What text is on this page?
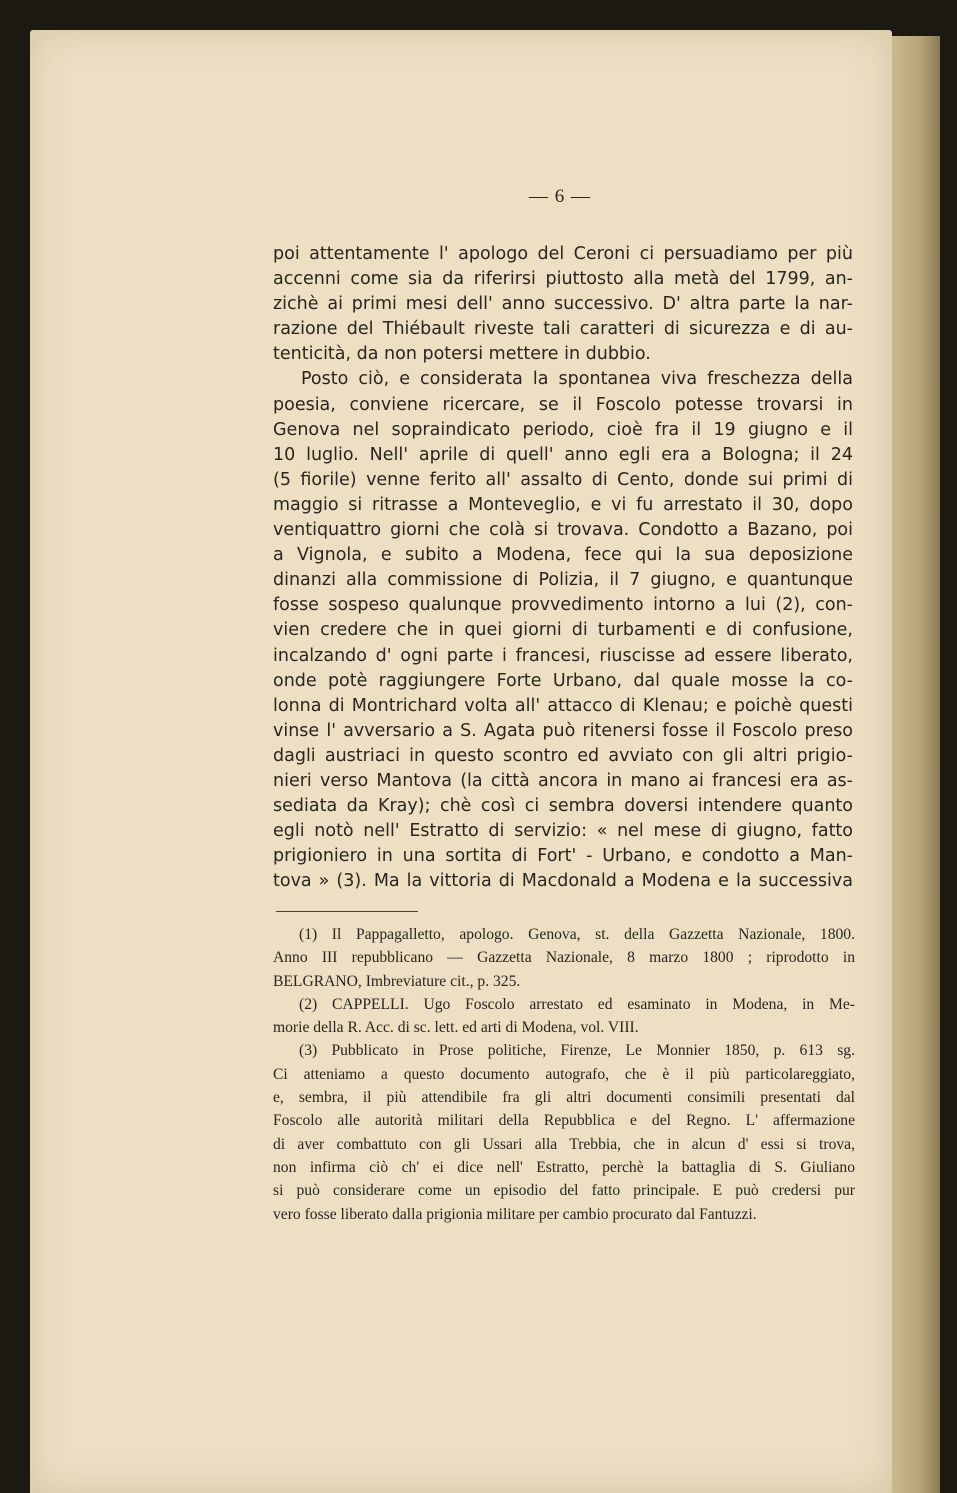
— 6 —
poi attentamente l' apologo del Ceroni ci persuadiamo per più
accenni come sia da riferirsi piuttosto alla metà del 1799, an-
zichè ai primi mesi dell' anno successivo. D' altra parte la nar-
razione del Thiébault riveste tali caratteri di sicurezza e di au-
tenticità, da non potersi mettere in dubbio.
Posto ciò, e considerata la spontanea viva freschezza della
poesia, conviene ricercare, se il Foscolo potesse trovarsi in
Genova nel sopraindicato periodo, cioè fra il 19 giugno e il
10 luglio. Nell' aprile di quell' anno egli era a Bologna; il 24
(5 fiorile) venne ferito all' assalto di Cento, donde sui primi di
maggio si ritrasse a Monteveglio, e vi fu arrestato il 30, dopo
ventiquattro giorni che colà si trovava. Condotto a Bazano, poi
a Vignola, e subito a Modena, fece qui la sua deposizione
dinanzi alla commissione di Polizia, il 7 giugno, e quantunque
fosse sospeso qualunque provvedimento intorno a lui (2), con-
vien credere che in quei giorni di turbamenti e di confusione,
incalzando d' ogni parte i francesi, riuscisse ad essere liberato,
onde potè raggiungere Forte Urbano, dal quale mosse la co-
lonna di Montrichard volta all' attacco di Klenau; e poichè questi
vinse l' avversario a S. Agata può ritenersi fosse il Foscolo preso
dagli austriaci in questo scontro ed avviato con gli altri prigio-
nieri verso Mantova (la città ancora in mano ai francesi era as-
sediata da Kray); chè così ci sembra doversi intendere quanto
egli notò nell' Estratto di servizio: « nel mese di giugno, fatto
prigioniero in una sortita di Fort' - Urbano, e condotto a Man-
tova » (3). Ma la vittoria di Macdonald a Modena e la successiva
(1) Il Pappagalletto, apologo. Genova, st. della Gazzetta Nazionale, 1800.
Anno III repubblicano — Gazzetta Nazionale, 8 marzo 1800 ; riprodotto in
BELGRANO, Imbreviature cit., p. 325.
(2) CAPPELLI. Ugo Foscolo arrestato ed esaminato in Modena, in Me-
morie della R. Acc. di sc. lett. ed arti di Modena, vol. VIII.
(3) Pubblicato in Prose politiche, Firenze, Le Monnier 1850, p. 613 sg.
Ci atteniamo a questo documento autografo, che è il più particolareggiato,
e, sembra, il più attendibile fra gli altri documenti consimili presentati dal
Foscolo alle autorità militari della Repubblica e del Regno. L' affermazione
di aver combattuto con gli Ussari alla Trebbia, che in alcun d' essi si trova,
non infirma ciò ch' ei dice nell' Estratto, perchè la battaglia di S. Giuliano
si può considerare come un episodio del fatto principale. E può credersi pur
vero fosse liberato dalla prigionia militare per cambio procurato dal Fantuzzi.
